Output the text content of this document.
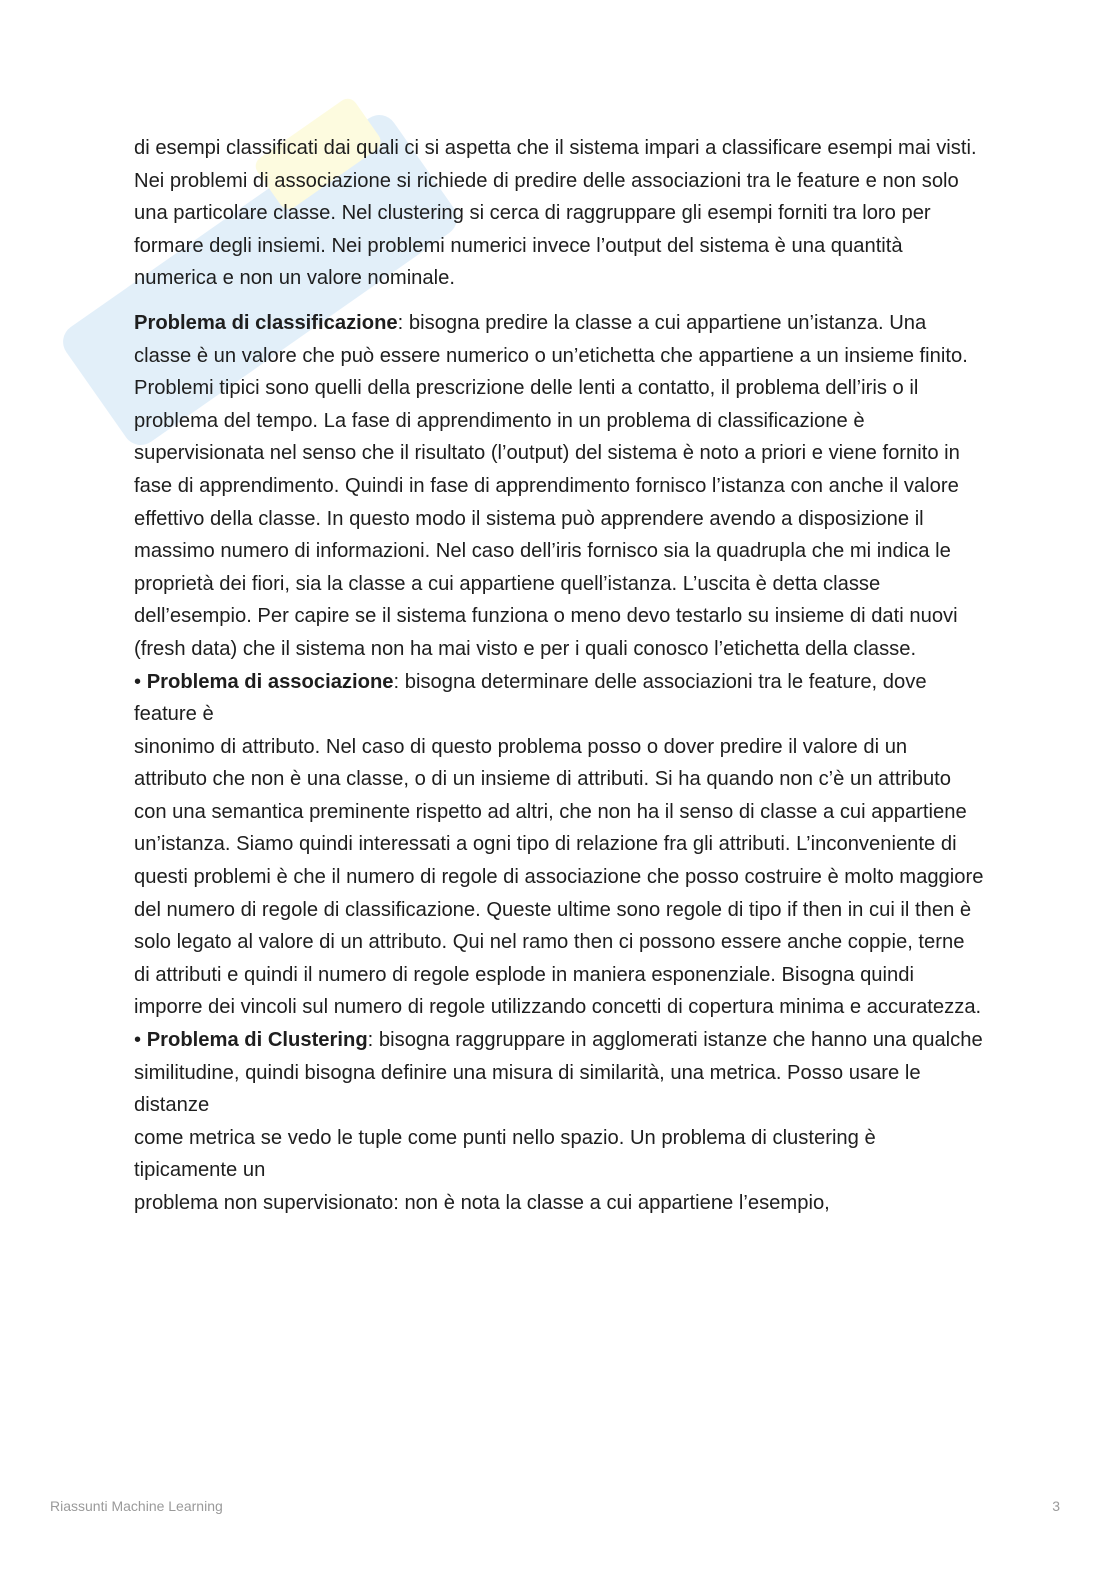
di esempi classificati dai quali ci si aspetta che il sistema impari a classificare esempi mai visti. Nei problemi di associazione si richiede di predire delle associazioni tra le feature e non solo una particolare classe. Nel clustering si cerca di raggruppare gli esempi forniti tra loro per formare degli insiemi. Nei problemi numerici invece l’output del sistema è una quantità numerica e non un valore nominale.

Problema di classificazione: bisogna predire la classe a cui appartiene un’istanza. Una classe è un valore che può essere numerico o un’etichetta che appartiene a un insieme finito. Problemi tipici sono quelli della prescrizione delle lenti a contatto, il problema dell’iris o il problema del tempo. La fase di apprendimento in un problema di classificazione è supervisionata nel senso che il risultato (l’output) del sistema è noto a priori e viene fornito in fase di apprendimento. Quindi in fase di apprendimento fornisco l’istanza con anche il valore effettivo della classe. In questo modo il sistema può apprendere avendo a disposizione il massimo numero di informazioni. Nel caso dell’iris fornisco sia la quadrupla che mi indica le proprietà dei fiori, sia la classe a cui appartiene quell’istanza. L’uscita è detta classe dell’esempio. Per capire se il sistema funziona o meno devo testarlo su insieme di dati nuovi (fresh data) che il sistema non ha mai visto e per i quali conosco l’etichetta della classe.

• Problema di associazione: bisogna determinare delle associazioni tra le feature, dove feature è

sinonimo di attributo. Nel caso di questo problema posso o dover predire il valore di un attributo che non è una classe, o di un insieme di attributi. Si ha quando non c’è un attributo con una semantica preminente rispetto ad altri, che non ha il senso di classe a cui appartiene un’istanza. Siamo quindi interessati a ogni tipo di relazione fra gli attributi. L’inconveniente di questi problemi è che il numero di regole di associazione che posso costruire è molto maggiore del numero di regole di classificazione. Queste ultime sono regole di tipo if then in cui il then è solo legato al valore di un attributo. Qui nel ramo then ci possono essere anche coppie, terne di attributi e quindi il numero di regole esplode in maniera esponenziale. Bisogna quindi imporre dei vincoli sul numero di regole utilizzando concetti di copertura minima e accuratezza.

• Problema di Clustering: bisogna raggruppare in agglomerati istanze che hanno una qualche

similitudine, quindi bisogna definire una misura di similarità, una metrica. Posso usare le distanze

come metrica se vedo le tuple come punti nello spazio. Un problema di clustering è tipicamente un

problema non supervisionato: non è nota la classe a cui appartiene l’esempio,

Riassunti Machine Learning	3
